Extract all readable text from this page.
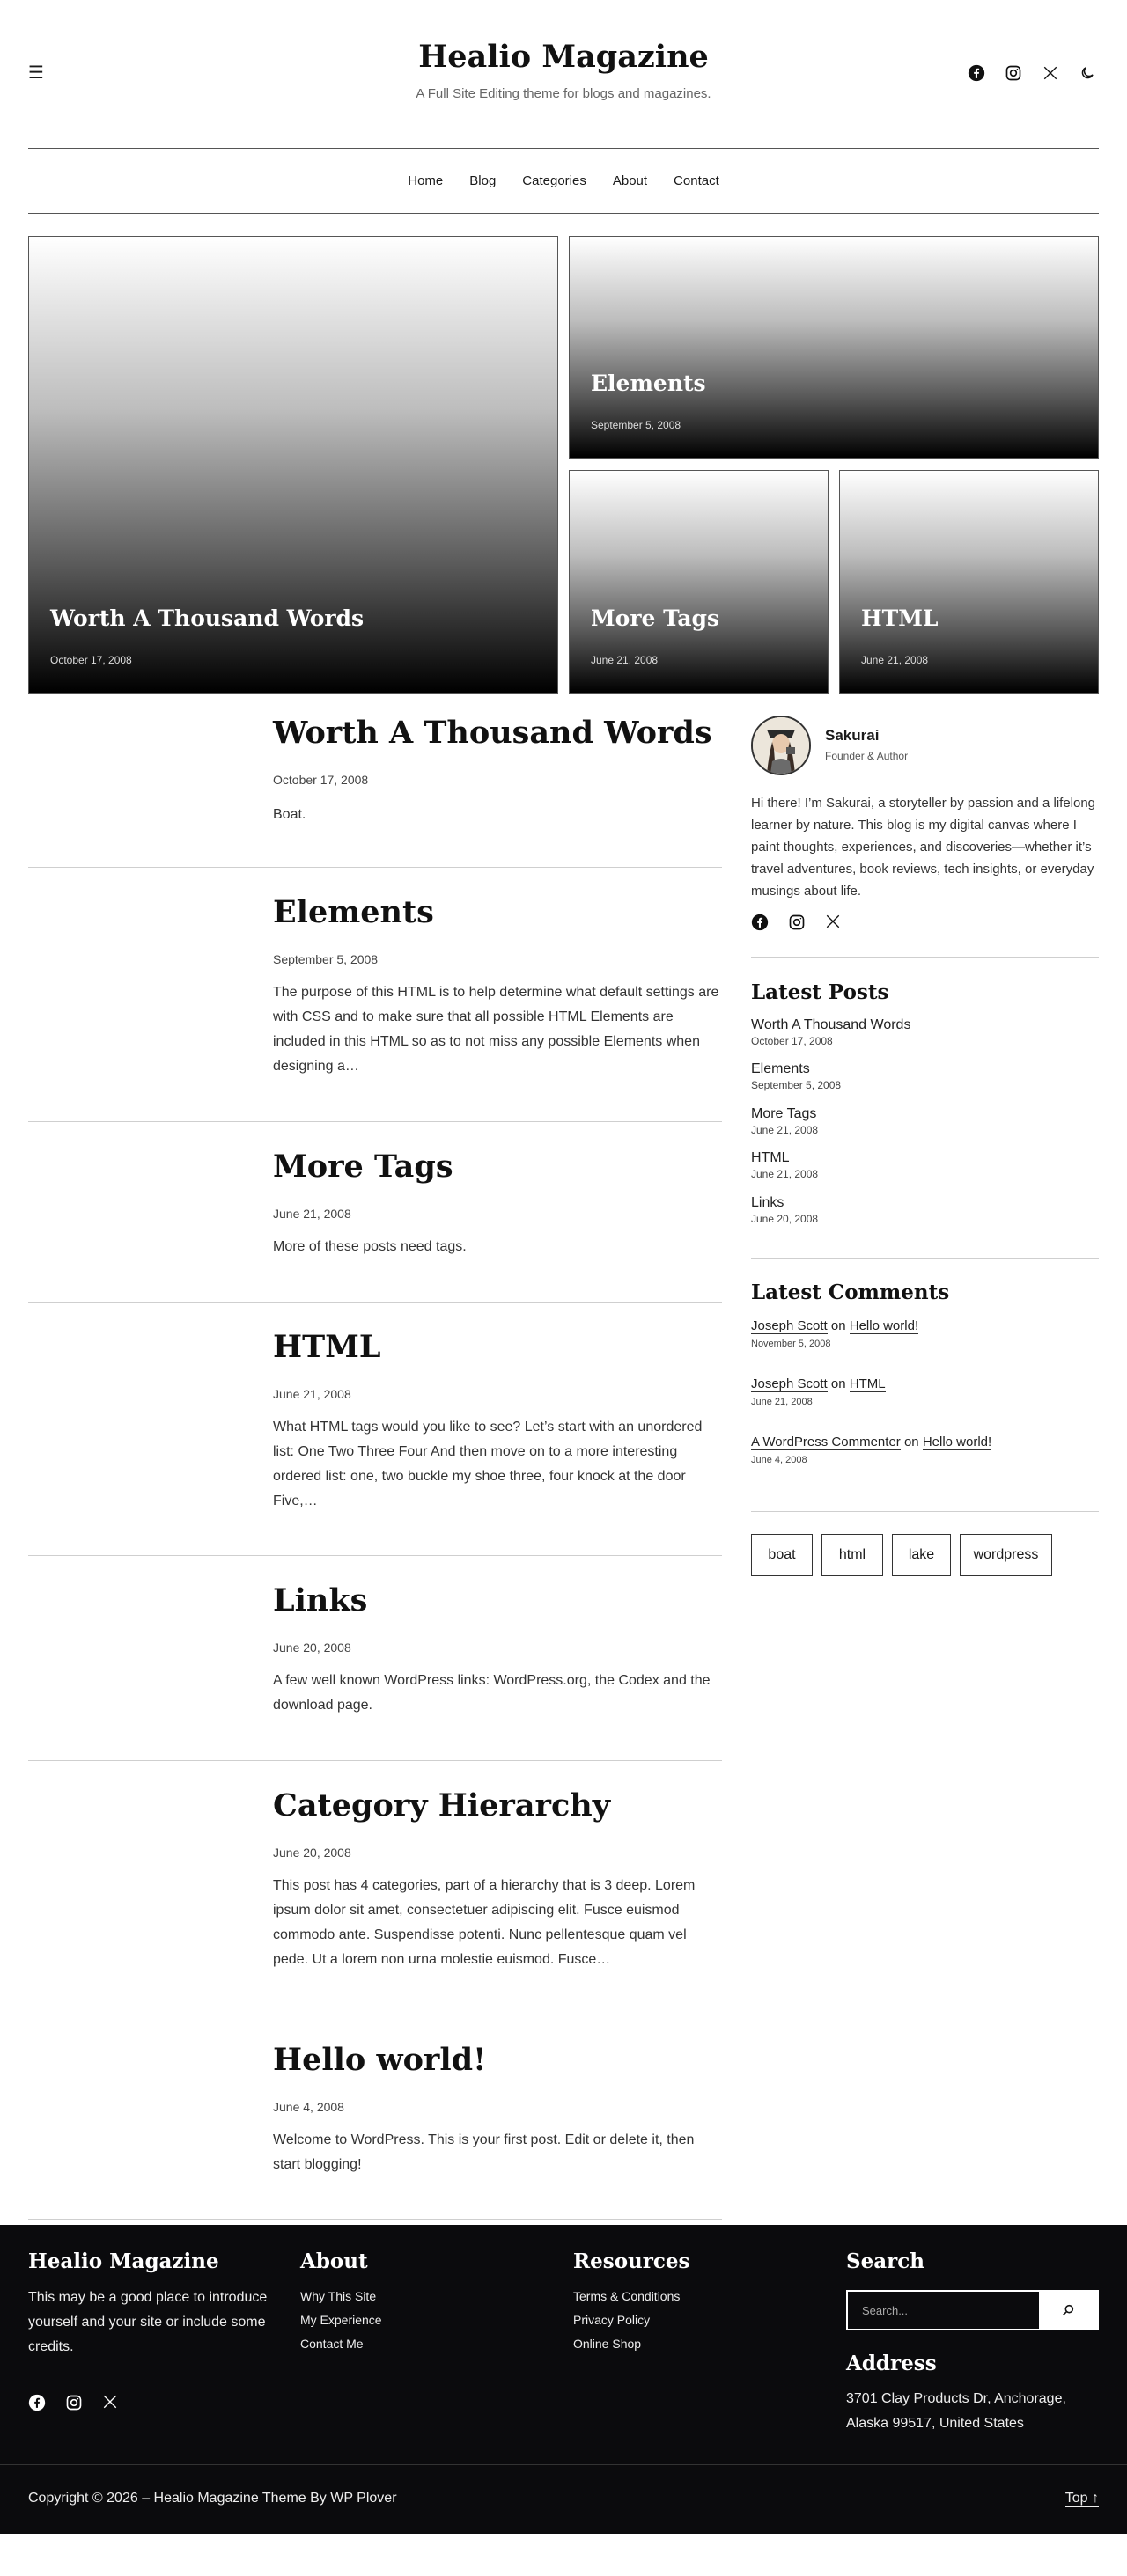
☰	Healio Magazine
A Full Site Editing theme for blogs and magazines.
Home Blog Categories About Contact
Worth A Thousand Words
October 17, 2008
Elements
September 5, 2008
More Tags
June 21, 2008
HTML
June 21, 2008
Worth A Thousand Words
October 17, 2008

Boat.

Elements
September 5, 2008

The purpose of this HTML is to help determine what default settings are with CSS and to make sure that all possible HTML Elements are included in this HTML so as to not miss any possible Elements when designing a…

More Tags
June 21, 2008

More of these posts need tags.

HTML
June 21, 2008

What HTML tags would you like to see? Let’s start with an unordered list: One Two Three Four And then move on to a more interesting ordered list: one, two buckle my shoe three, four knock at the door Five,…

Links
June 20, 2008

A few well known WordPress links: WordPress.org, the Codex and the download page.

Category Hierarchy
June 20, 2008

This post has 4 categories, part of a hierarchy that is 3 deep. Lorem ipsum dolor sit amet, consectetuer adipiscing elit. Fusce euismod commodo ante. Suspendisse potenti. Nunc pellentesque quam vel pede. Ut a lorem non urna molestie euismod. Fusce…

Hello world!
June 4, 2008

Welcome to WordPress. This is your first post. Edit or delete it, then start blogging!

Sakurai
Founder & Author

Hi there! I’m Sakurai, a storyteller by passion and a lifelong learner by nature. This blog is my digital canvas where I paint thoughts, experiences, and discoveries—whether it’s travel adventures, book reviews, tech insights, or everyday musings about life.

Latest Posts
Worth A Thousand Words
October 17, 2008
Elements
September 5, 2008
More Tags
June 21, 2008
HTML
June 21, 2008
Links
June 20, 2008
Latest Comments
Joseph Scott on Hello world!
November 5, 2008
Joseph Scott on HTML
June 21, 2008
A WordPress Commenter on Hello world!
June 4, 2008
boat	html	lake	wordpress
Healio Magazine

This may be a good place to introduce yourself and your site or include some credits.

About
Why This Site
My Experience
Contact Me
Resources
Terms & Conditions
Privacy Policy
Online Shop
Search
Search...
Address

3701 Clay Products Dr, Anchorage, Alaska 99517, United States

Copyright © 2026 – Healio Magazine Theme By WP Plover	Top ↑
